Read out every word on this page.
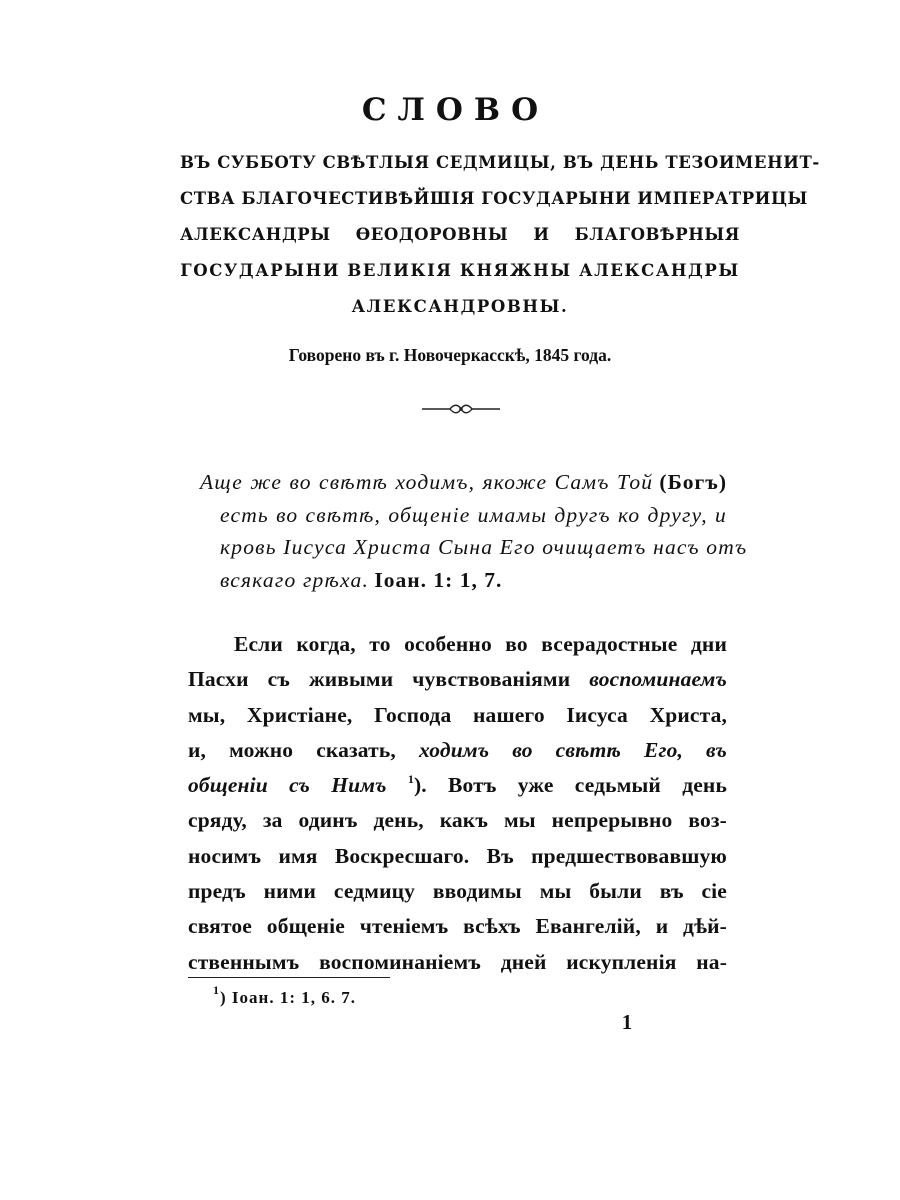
СЛОВО
ВЪ СУББОТУ СВѢТЛЫЯ СЕДМИЦЫ, ВЪ ДЕНЬ ТЕЗОИМЕНИТ-
СТВА БЛАГОЧЕСТИВѢЙШІЯ ГОСУДАРЫНИ ИМПЕРАТРИЦЫ
АЛЕКСАНДРЫ ѲЕОДОРОВНЫ И БЛАГОВѢРНЫЯ
ГОСУДАРЫНИ ВЕЛИКІЯ КНЯЖНЫ АЛЕКСАНДРЫ
АЛЕКСАНДРОВНЫ.
Говорено въ г. Новочеркасскѣ, 1845 года.
Аще же во свѣтѣ ходимъ, якоже Самъ Той (Богъ)
есть во свѣтѣ, общеніе имамы другъ ко другу, и
кровь Іисуса Христа Сына Его очищаетъ насъ отъ
всякаго грѣха. Іоан. 1: 1, 7.
Если когда, то особенно во всерадостные дни
Пасхи съ живыми чувствованіями воспоминаемъ
мы, Христіане, Господа нашего Іисуса Христа,
и, можно сказать, ходимъ во свѣтѣ Его, въ
общеніи съ Нимъ $^1$). Вотъ уже седьмый день
сряду, за одинъ день, какъ мы непрерывно воз-
носимъ имя Воскресшаго. Въ предшествовавшую
предъ ними седмицу вводимы мы были въ сіе
святое общеніе чтеніемъ всѣхъ Евангелій, и дѣй-
ственнымъ воспоминаніемъ дней искупленія на-
$^1$) Іоан. 1: 1, 6. 7.
1
